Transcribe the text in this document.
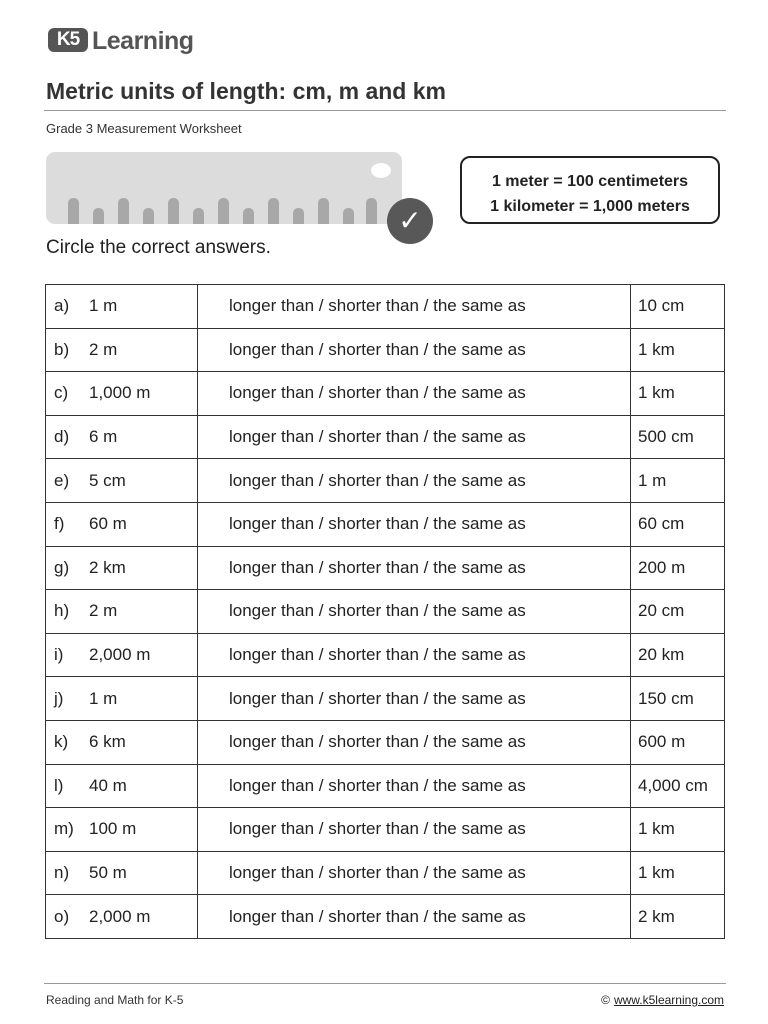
K5 Learning
Metric units of length: cm, m and km
Grade 3 Measurement Worksheet
✓
1 meter = 100 centimeters
1 kilometer = 1,000 meters
Circle the correct answers.
a) 1 m	longer than / shorter than / the same as	10 cm
b) 2 m	longer than / shorter than / the same as	1 km
c) 1,000 m	longer than / shorter than / the same as	1 km
d) 6 m	longer than / shorter than / the same as	500 cm
e) 5 cm	longer than / shorter than / the same as	1 m
f) 60 m	longer than / shorter than / the same as	60 cm
g) 2 km	longer than / shorter than / the same as	200 m
h) 2 m	longer than / shorter than / the same as	20 cm
i) 2,000 m	longer than / shorter than / the same as	20 km
j) 1 m	longer than / shorter than / the same as	150 cm
k) 6 km	longer than / shorter than / the same as	600 m
l) 40 m	longer than / shorter than / the same as	4,000 cm
m) 100 m	longer than / shorter than / the same as	1 km
n) 50 m	longer than / shorter than / the same as	1 km
o) 2,000 m	longer than / shorter than / the same as	2 km
Reading and Math for K-5	© www.k5learning.com
